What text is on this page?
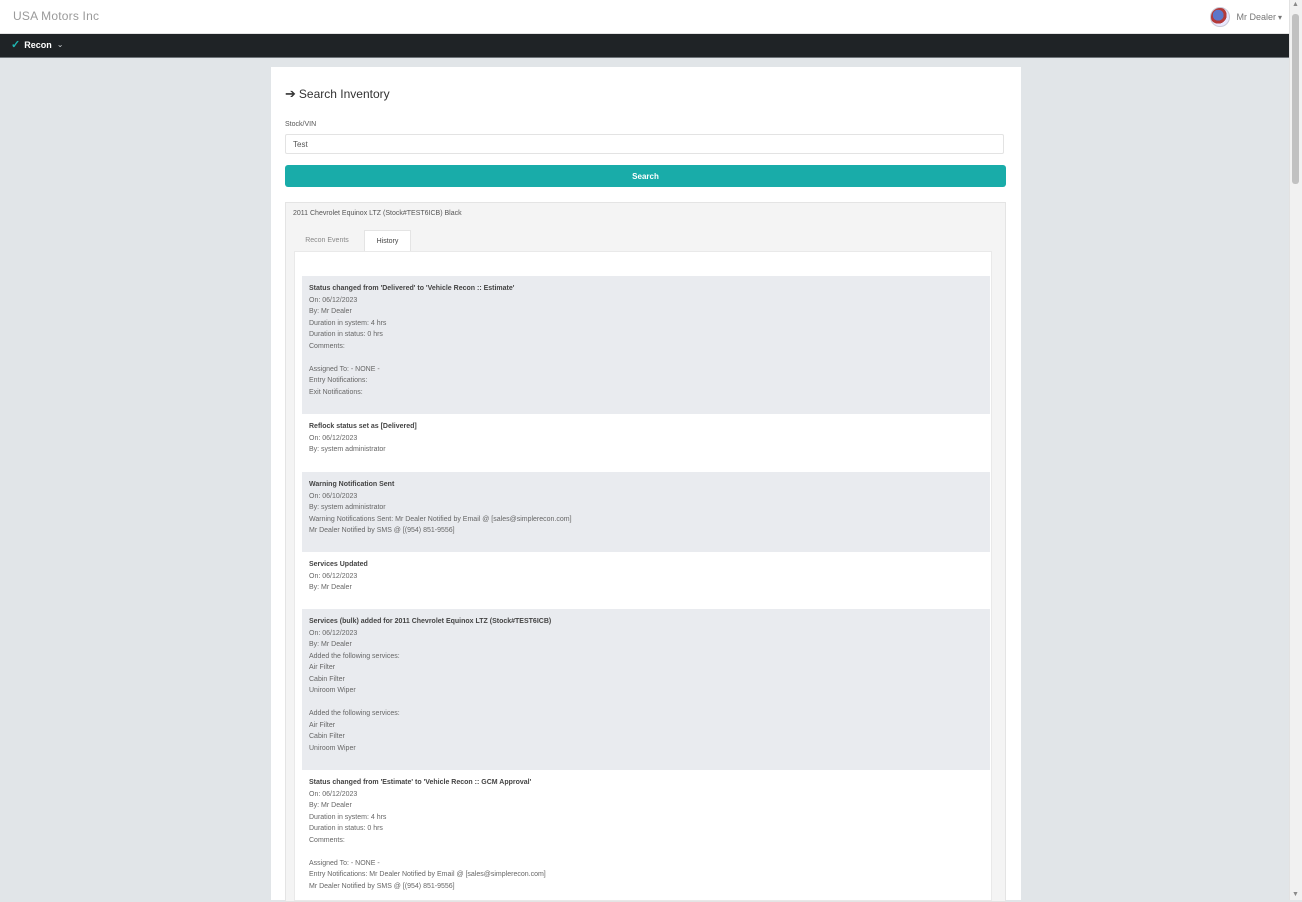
USA Motors Inc	Mr Dealer ▾
✓ Recon ⌄
▲
▼
➔ Search Inventory
Stock/VIN
Test
Search
2011 Chevrolet Equinox LTZ (Stock#TEST6ICB) Black
Recon Events	History
Status changed from 'Delivered' to 'Vehicle Recon :: Estimate'
On: 06/12/2023
By: Mr Dealer
Duration in system: 4 hrs
Duration in status: 0 hrs
Comments:
Assigned To: - NONE -
Entry Notifications:
Exit Notifications:
Reflock status set as [Delivered]
On: 06/12/2023
By: system administrator
Warning Notification Sent
On: 06/10/2023
By: system administrator
Warning Notifications Sent: Mr Dealer Notified by Email @ [sales@simplerecon.com]
Mr Dealer Notified by SMS @ [(954) 851-9556]
Services Updated
On: 06/12/2023
By: Mr Dealer
Services (bulk) added for 2011 Chevrolet Equinox LTZ (Stock#TEST6ICB)
On: 06/12/2023
By: Mr Dealer
Added the following services:
Air Filter
Cabin Filter
Uniroom Wiper
Added the following services:
Air Filter
Cabin Filter
Uniroom Wiper
Status changed from 'Estimate' to 'Vehicle Recon :: GCM Approval'
On: 06/12/2023
By: Mr Dealer
Duration in system: 4 hrs
Duration in status: 0 hrs
Comments:
Assigned To: - NONE -
Entry Notifications: Mr Dealer Notified by Email @ [sales@simplerecon.com]
Mr Dealer Notified by SMS @ [(954) 851-9556]
